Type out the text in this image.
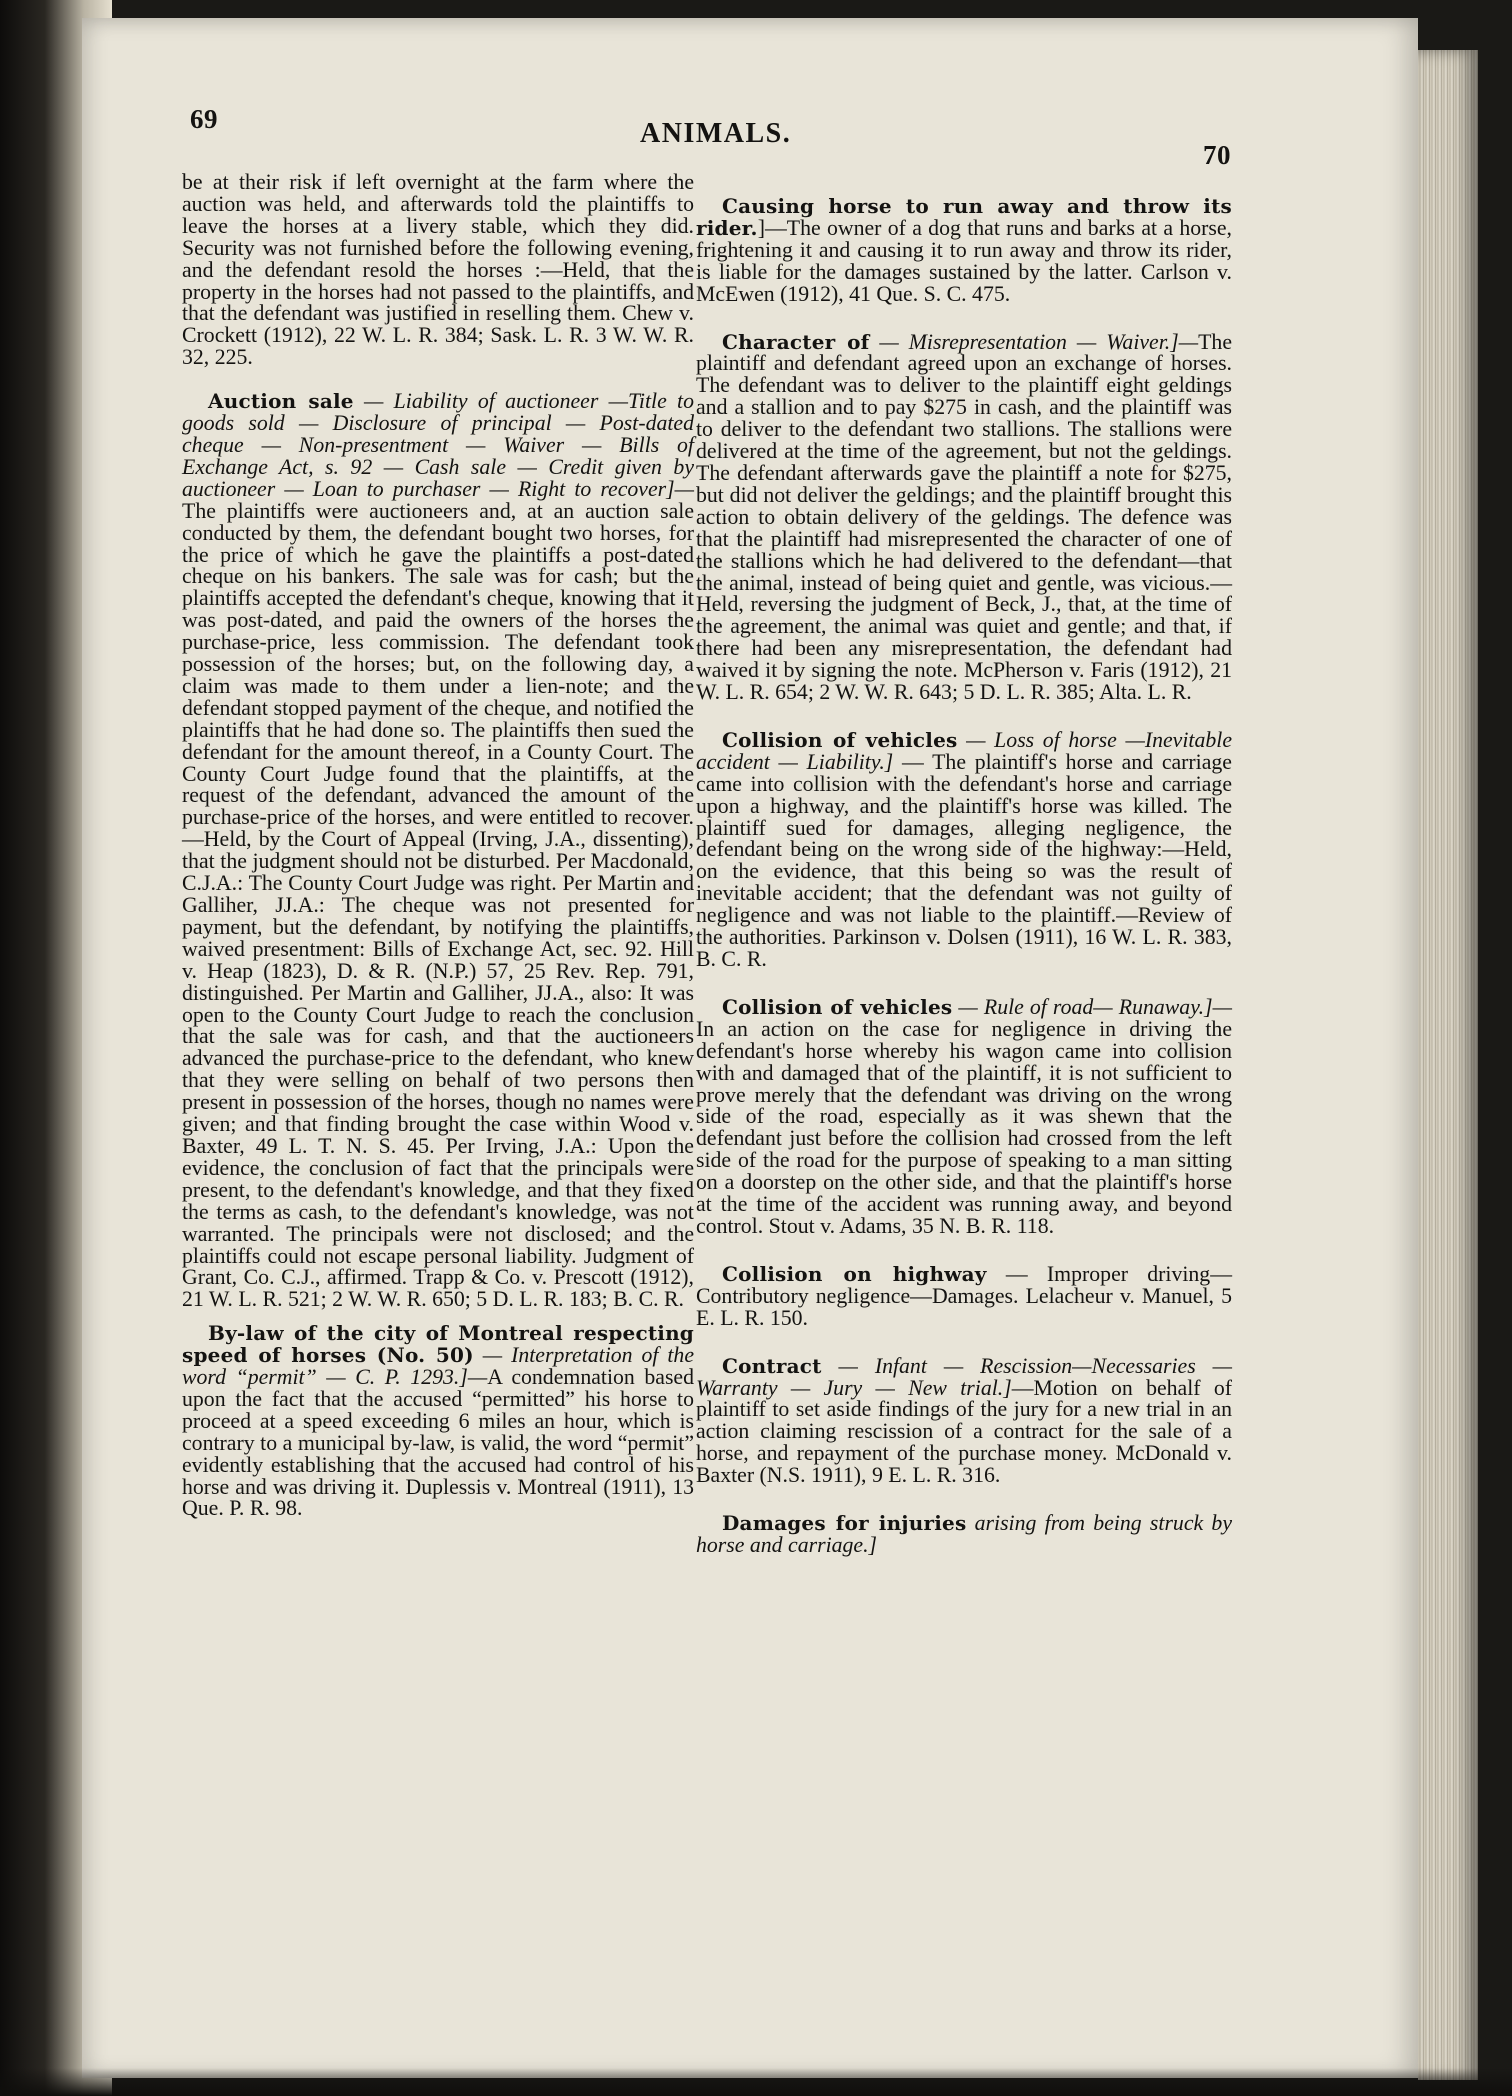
69	ANIMALS.
70

be at their risk if left overnight at the farm where the auction was held, and afterwards told the plaintiffs to leave the horses at a livery stable, which they did. Security was not furnished before the following evening, and the defendant resold the horses :—Held, that the property in the horses had not passed to the plaintiffs, and that the defendant was justified in reselling them. Chew v. Crockett (1912), 22 W. L. R. 384; Sask. L. R. 3 W. W. R. 32, 225.

Auction sale — Liability of auctioneer —Title to goods sold — Disclosure of principal — Post-dated cheque — Non-presentment — Waiver — Bills of Exchange Act, s. 92 — Cash sale — Credit given by auctioneer — Loan to purchaser — Right to recover]—The plaintiffs were auctioneers and, at an auction sale conducted by them, the defendant bought two horses, for the price of which he gave the plaintiffs a post-dated cheque on his bankers. The sale was for cash; but the plaintiffs accepted the defendant's cheque, knowing that it was post-dated, and paid the owners of the horses the purchase-price, less commission. The defendant took possession of the horses; but, on the following day, a claim was made to them under a lien-note; and the defendant stopped payment of the cheque, and notified the plaintiffs that he had done so. The plaintiffs then sued the defendant for the amount thereof, in a County Court. The County Court Judge found that the plaintiffs, at the request of the defendant, advanced the amount of the purchase-price of the horses, and were entitled to recover.—Held, by the Court of Appeal (Irving, J.A., dissenting), that the judgment should not be disturbed. Per Macdonald, C.J.A.: The County Court Judge was right. Per Martin and Galliher, JJ.A.: The cheque was not presented for payment, but the defendant, by notifying the plaintiffs, waived presentment: Bills of Exchange Act, sec. 92. Hill v. Heap (1823), D. & R. (N.P.) 57, 25 Rev. Rep. 791, distinguished. Per Martin and Galliher, JJ.A., also: It was open to the County Court Judge to reach the conclusion that the sale was for cash, and that the auctioneers advanced the purchase-price to the defendant, who knew that they were selling on behalf of two persons then present in possession of the horses, though no names were given; and that finding brought the case within Wood v. Baxter, 49 L. T. N. S. 45. Per Irving, J.A.: Upon the evidence, the conclusion of fact that the principals were present, to the defendant's knowledge, and that they fixed the terms as cash, to the defendant's knowledge, was not warranted. The principals were not disclosed; and the plaintiffs could not escape personal liability. Judgment of Grant, Co. C.J., affirmed. Trapp & Co. v. Prescott (1912), 21 W. L. R. 521; 2 W. W. R. 650; 5 D. L. R. 183; B. C. R.

By-law of the city of Montreal respecting speed of horses (No. 50) — Interpretation of the word “permit” — C. P. 1293.]—A condemnation based upon the fact that the accused “permitted” his horse to proceed at a speed exceeding 6 miles an hour, which is contrary to a municipal by-law, is valid, the word “permit” evidently establishing that the accused had control of his horse and was driving it. Duplessis v. Montreal (1911), 13 Que. P. R. 98.

Causing horse to run away and throw its rider.]—The owner of a dog that runs and barks at a horse, frightening it and causing it to run away and throw its rider, is liable for the damages sustained by the latter. Carlson v. McEwen (1912), 41 Que. S. C. 475.

Character of — Misrepresentation — Waiver.]—The plaintiff and defendant agreed upon an exchange of horses. The defendant was to deliver to the plaintiff eight geldings and a stallion and to pay $275 in cash, and the plaintiff was to deliver to the defendant two stallions. The stallions were delivered at the time of the agreement, but not the geldings. The defendant afterwards gave the plaintiff a note for $275, but did not deliver the geldings; and the plaintiff brought this action to obtain delivery of the geldings. The defence was that the plaintiff had misrepresented the character of one of the stallions which he had delivered to the defendant—that the animal, instead of being quiet and gentle, was vicious.—Held, reversing the judgment of Beck, J., that, at the time of the agreement, the animal was quiet and gentle; and that, if there had been any misrepresentation, the defendant had waived it by signing the note. McPherson v. Faris (1912), 21 W. L. R. 654; 2 W. W. R. 643; 5 D. L. R. 385; Alta. L. R.

Collision of vehicles — Loss of horse —Inevitable accident — Liability.] — The plaintiff's horse and carriage came into collision with the defendant's horse and carriage upon a highway, and the plaintiff's horse was killed. The plaintiff sued for damages, alleging negligence, the defendant being on the wrong side of the highway:—Held, on the evidence, that this being so was the result of inevitable accident; that the defendant was not guilty of negligence and was not liable to the plaintiff.—Review of the authorities. Parkinson v. Dolsen (1911), 16 W. L. R. 383, B. C. R.

Collision of vehicles — Rule of road— Runaway.]—In an action on the case for negligence in driving the defendant's horse whereby his wagon came into collision with and damaged that of the plaintiff, it is not sufficient to prove merely that the defendant was driving on the wrong side of the road, especially as it was shewn that the defendant just before the collision had crossed from the left side of the road for the purpose of speaking to a man sitting on a doorstep on the other side, and that the plaintiff's horse at the time of the accident was running away, and beyond control. Stout v. Adams, 35 N. B. R. 118.

Collision on highway — Improper driving—Contributory negligence—Damages. Lelacheur v. Manuel, 5 E. L. R. 150.

Contract — Infant — Rescission—Necessaries — Warranty — Jury — New trial.]—Motion on behalf of plaintiff to set aside findings of the jury for a new trial in an action claiming rescission of a contract for the sale of a horse, and repayment of the purchase money. McDonald v. Baxter (N.S. 1911), 9 E. L. R. 316.

Damages for injuries arising from being struck by horse and carriage.]
